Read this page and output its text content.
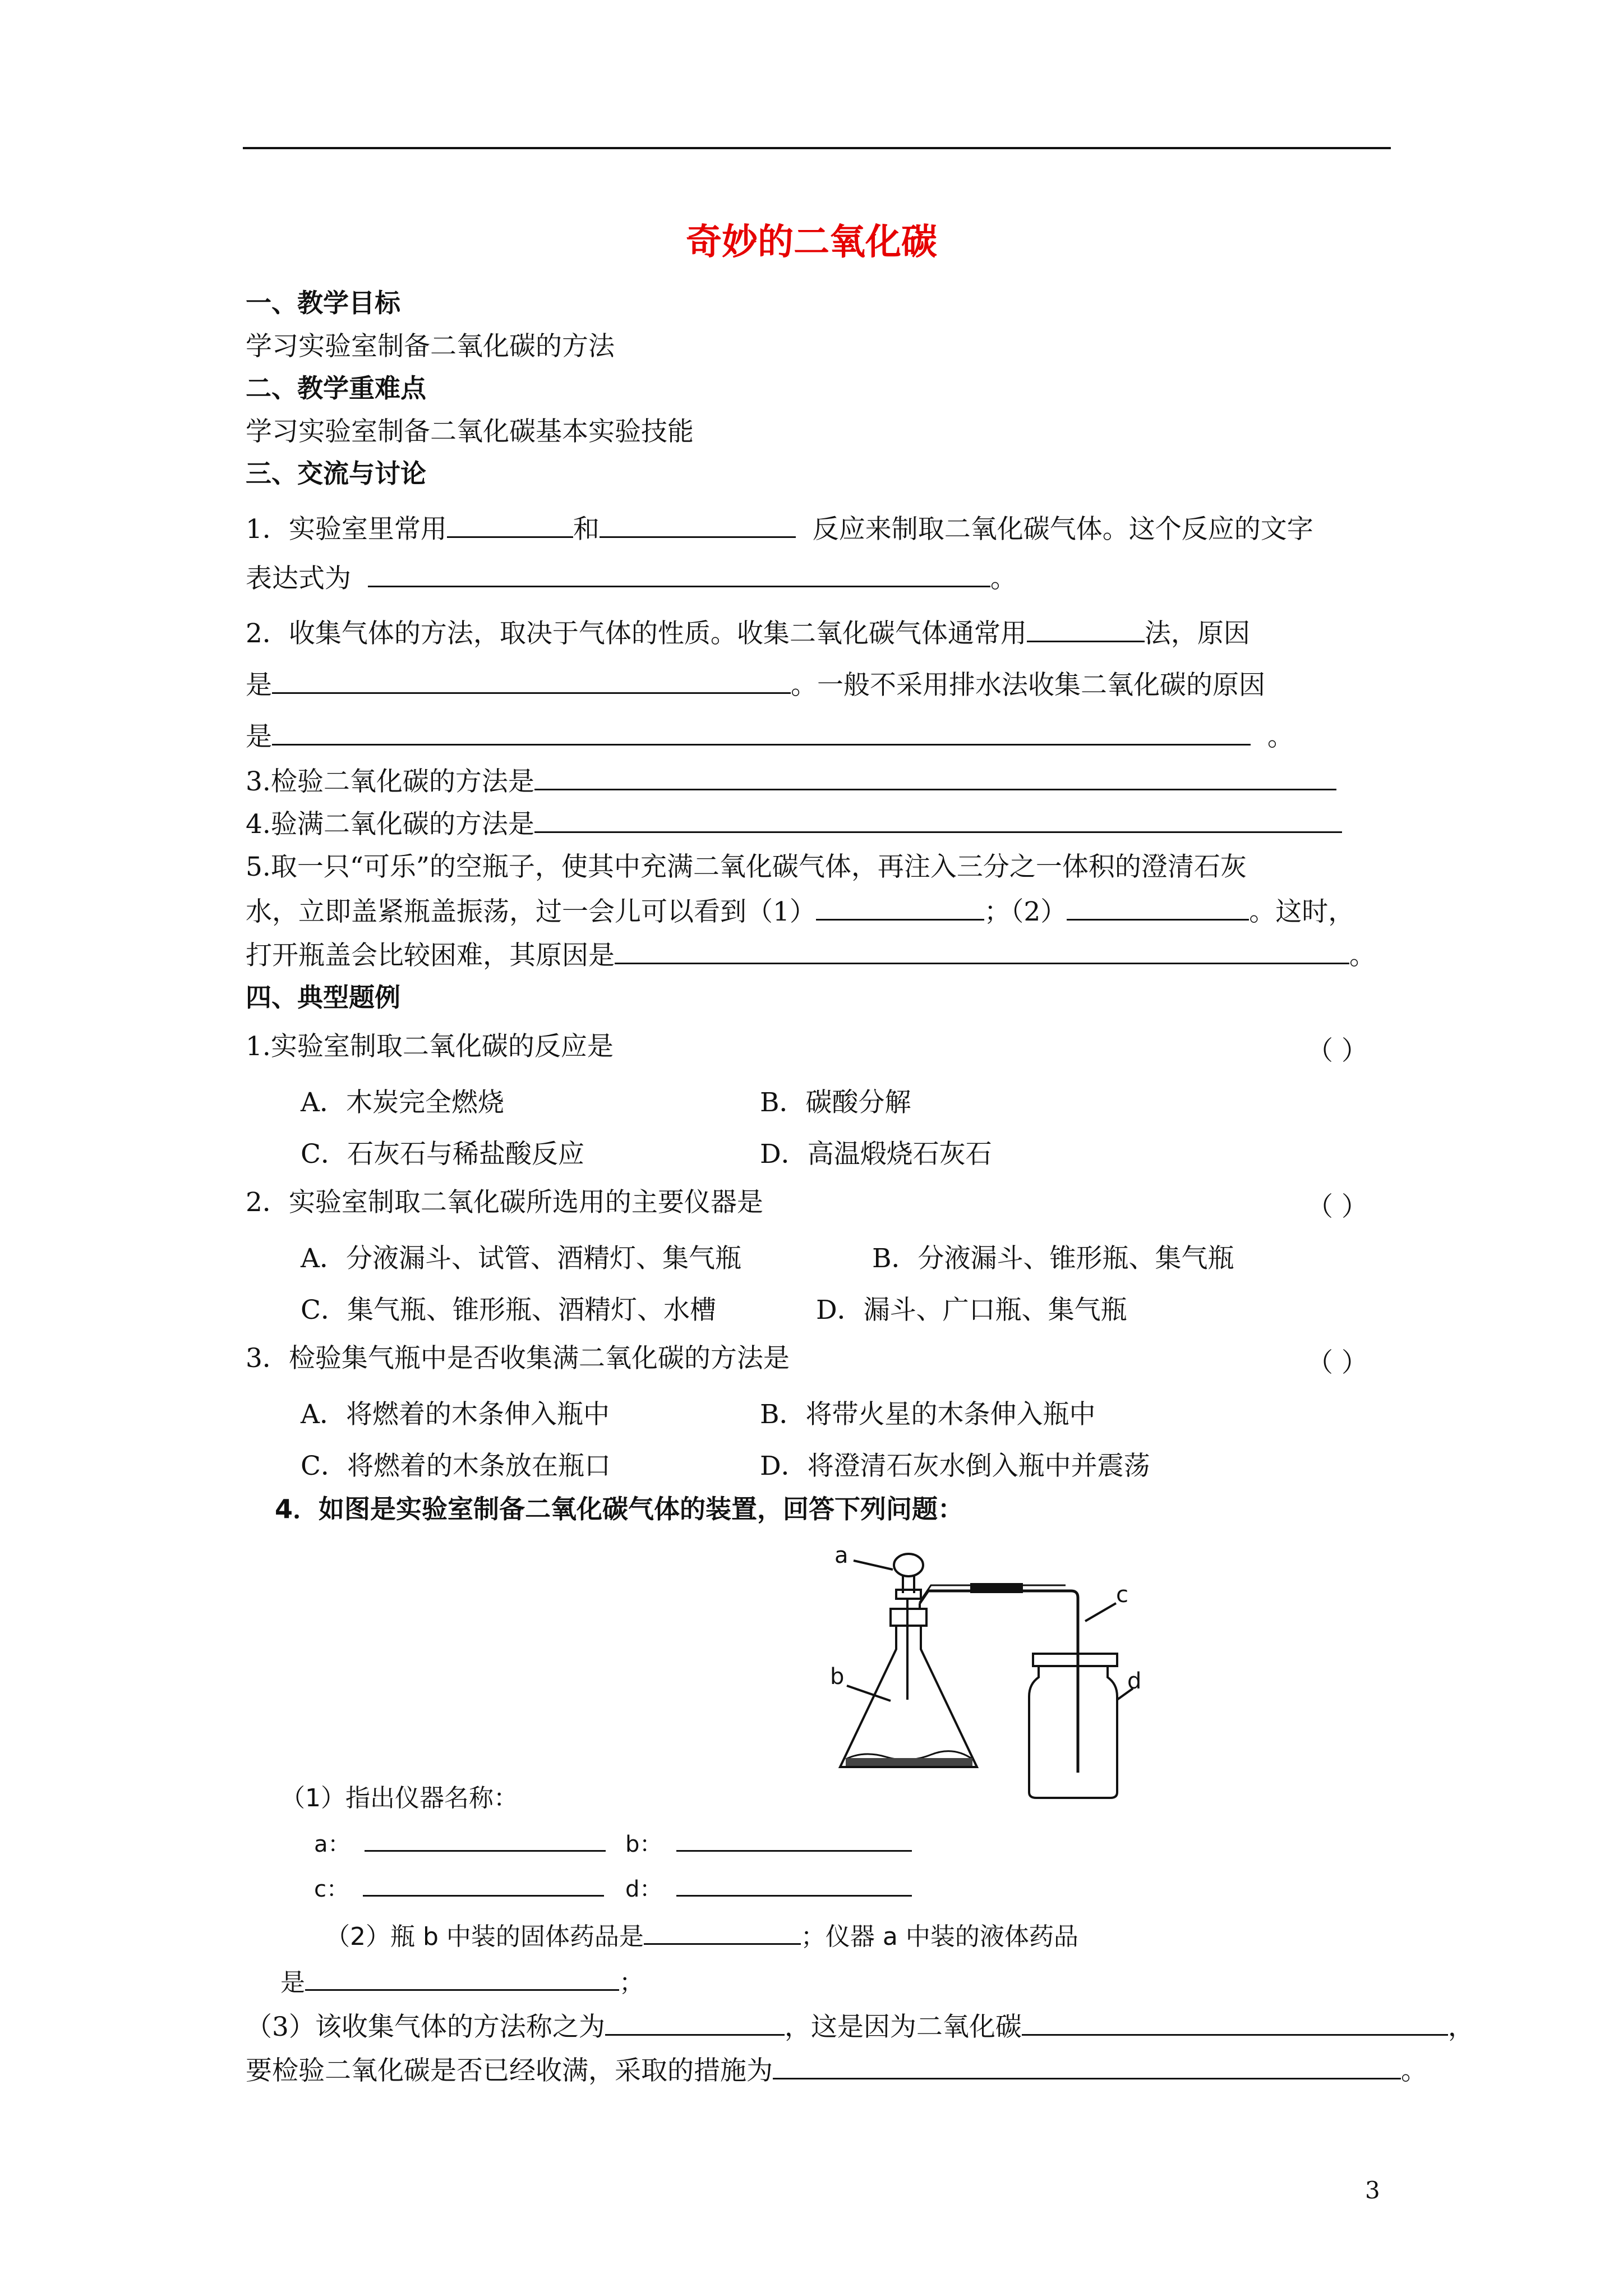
奇妙的二氧化碳
一、教学目标
学习实验室制备二氧化碳的方法
二、教学重难点
学习实验室制备二氧化碳基本实验技能
三、交流与讨论
1．实验室里常用	和	反应来制取二氧化碳气体。这个反应的文字
表达式为	。
2．收集气体的方法，取决于气体的性质。收集二氧化碳气体通常用	法，原因
是	。一般不采用排水法收集二氧化碳的原因
是	。
3.检验二氧化碳的方法是
4.验满二氧化碳的方法是
5.取一只“可乐”的空瓶子，使其中充满二氧化碳气体，再注入三分之一体积的澄清石灰
水，立即盖紧瓶盖振荡，过一会儿可以看到（1）	；（2）	。这时，
打开瓶盖会比较困难，其原因是	。
四、典型题例
1.实验室制取二氧化碳的反应是	（ ）
A．木炭完全燃烧	B．碳酸分解
C．石灰石与稀盐酸反应	D．高温煅烧石灰石
2．实验室制取二氧化碳所选用的主要仪器是	（ ）
A．分液漏斗、试管、酒精灯、集气瓶	B．分液漏斗、锥形瓶、集气瓶
C．集气瓶、锥形瓶、酒精灯、水槽	D．漏斗、广口瓶、集气瓶
3．检验集气瓶中是否收集满二氧化碳的方法是	（ ）
A．将燃着的木条伸入瓶中	B．将带火星的木条伸入瓶中
C．将燃着的木条放在瓶口	D．将澄清石灰水倒入瓶中并震荡
4．如图是实验室制备二氧化碳气体的装置，回答下列问题：
a
b
c
d
（1）指出仪器名称：
a：	b：
c：	d：
（2）瓶 b 中装的固体药品是	；仪器 a 中装的液体药品
是	；
（3）该收集气体的方法称之为	，这是因为二氧化碳	，
要检验二氧化碳是否已经收满，采取的措施为	。
3
